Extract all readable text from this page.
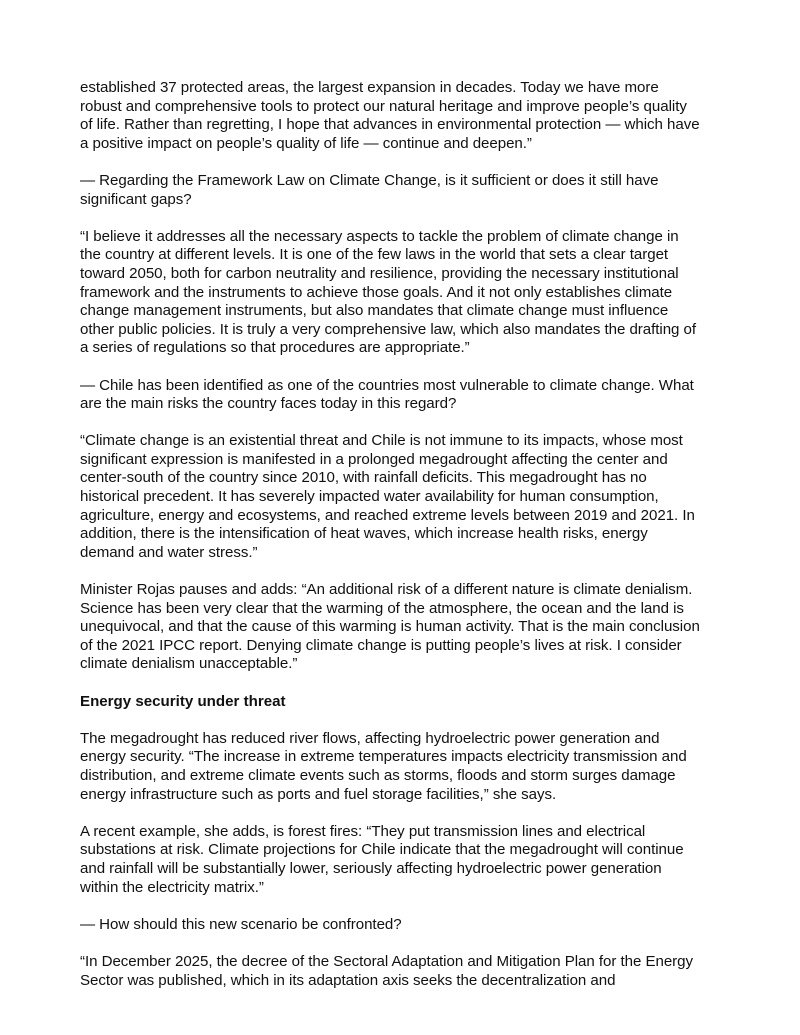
established 37 protected areas, the largest expansion in decades. Today we have more
robust and comprehensive tools to protect our natural heritage and improve people’s quality
of life. Rather than regretting, I hope that advances in environmental protection — which have
a positive impact on people’s quality of life — continue and deepen.”

— Regarding the Framework Law on Climate Change, is it sufficient or does it still have
significant gaps?

“I believe it addresses all the necessary aspects to tackle the problem of climate change in
the country at different levels. It is one of the few laws in the world that sets a clear target
toward 2050, both for carbon neutrality and resilience, providing the necessary institutional
framework and the instruments to achieve those goals. And it not only establishes climate
change management instruments, but also mandates that climate change must influence
other public policies. It is truly a very comprehensive law, which also mandates the drafting of
a series of regulations so that procedures are appropriate.”

— Chile has been identified as one of the countries most vulnerable to climate change. What
are the main risks the country faces today in this regard?

“Climate change is an existential threat and Chile is not immune to its impacts, whose most
significant expression is manifested in a prolonged megadrought affecting the center and
center-south of the country since 2010, with rainfall deficits. This megadrought has no
historical precedent. It has severely impacted water availability for human consumption,
agriculture, energy and ecosystems, and reached extreme levels between 2019 and 2021. In
addition, there is the intensification of heat waves, which increase health risks, energy
demand and water stress.”

Minister Rojas pauses and adds: “An additional risk of a different nature is climate denialism.
Science has been very clear that the warming of the atmosphere, the ocean and the land is
unequivocal, and that the cause of this warming is human activity. That is the main conclusion
of the 2021 IPCC report. Denying climate change is putting people’s lives at risk. I consider
climate denialism unacceptable.”

Energy security under threat

The megadrought has reduced river flows, affecting hydroelectric power generation and
energy security. “The increase in extreme temperatures impacts electricity transmission and
distribution, and extreme climate events such as storms, floods and storm surges damage
energy infrastructure such as ports and fuel storage facilities,” she says.

A recent example, she adds, is forest fires: “They put transmission lines and electrical
substations at risk. Climate projections for Chile indicate that the megadrought will continue
and rainfall will be substantially lower, seriously affecting hydroelectric power generation
within the electricity matrix.”

— How should this new scenario be confronted?

“In December 2025, the decree of the Sectoral Adaptation and Mitigation Plan for the Energy
Sector was published, which in its adaptation axis seeks the decentralization and
